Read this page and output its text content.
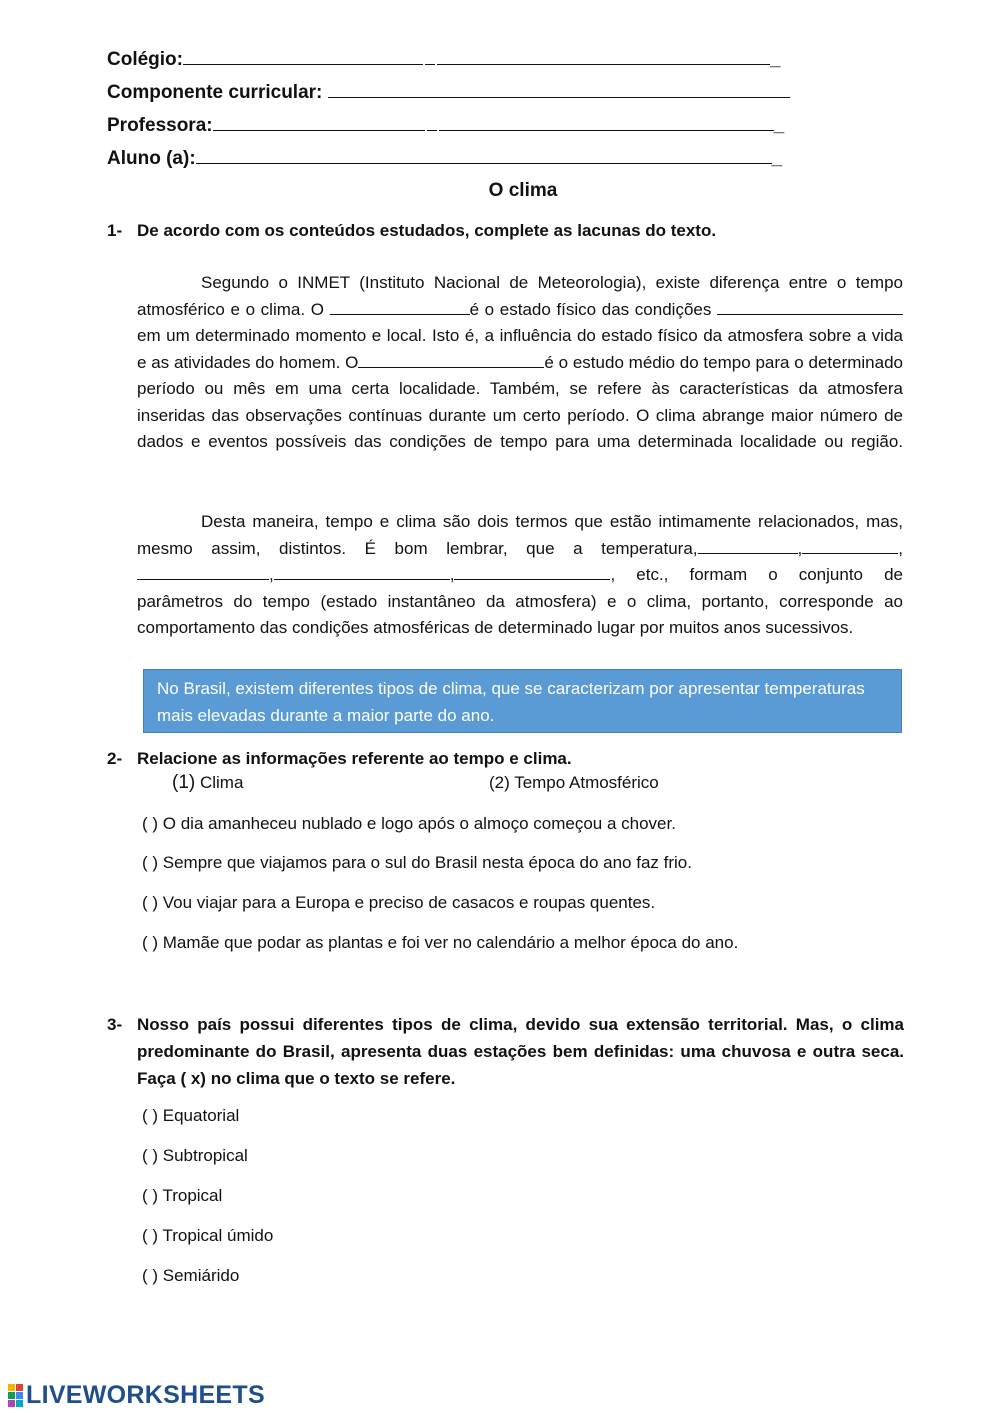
Colégio:	_
Componente curricular:
Professora:	_
Aluno (a):	_
O clima
1- De acordo com os conteúdos estudados, complete as lacunas do texto.
Segundo o INMET (Instituto Nacional de Meteorologia), existe diferença entre o tempo atmosférico e o clima. O	é o estado físico das condições em um determinado momento e local. Isto é, a influência do estado físico da atmosfera sobre a vida e as atividades do homem. O	é o estudo médio do tempo para o determinado período ou mês em uma certa localidade. Também, se refere às características da atmosfera inseridas das observações contínuas durante um certo período. O clima abrange maior número de dados e eventos possíveis das condições de tempo para uma determinada localidade ou região.
Desta maneira, tempo e clima são dois termos que estão intimamente relacionados, mas, mesmo assim, distintos. É bom lembrar, que a temperatura,	,	, ,	,	, etc., formam o conjunto de parâmetros do tempo (estado instantâneo da atmosfera) e o clima, portanto, corresponde ao comportamento das condições atmosféricas de determinado lugar por muitos anos sucessivos.
No Brasil, existem diferentes tipos de clima, que se caracterizam por apresentar temperaturas mais elevadas durante a maior parte do ano.
2- Relacione as informações referente ao tempo e clima.
(1) Clima	(2) Tempo Atmosférico
( ) O dia amanheceu nublado e logo após o almoço começou a chover.
( ) Sempre que viajamos para o sul do Brasil nesta época do ano faz frio.
( ) Vou viajar para a Europa e preciso de casacos e roupas quentes.
( ) Mamãe que podar as plantas e foi ver no calendário a melhor época do ano.
3- Nosso país possui diferentes tipos de clima, devido sua extensão territorial. Mas, o clima predominante do Brasil, apresenta duas estações bem definidas: uma chuvosa e outra seca. Faça ( x) no clima que o texto se refere.
( ) Equatorial
( ) Subtropical
( ) Tropical
( ) Tropical úmido
( ) Semiárido
LIVEWORKSHEETS
